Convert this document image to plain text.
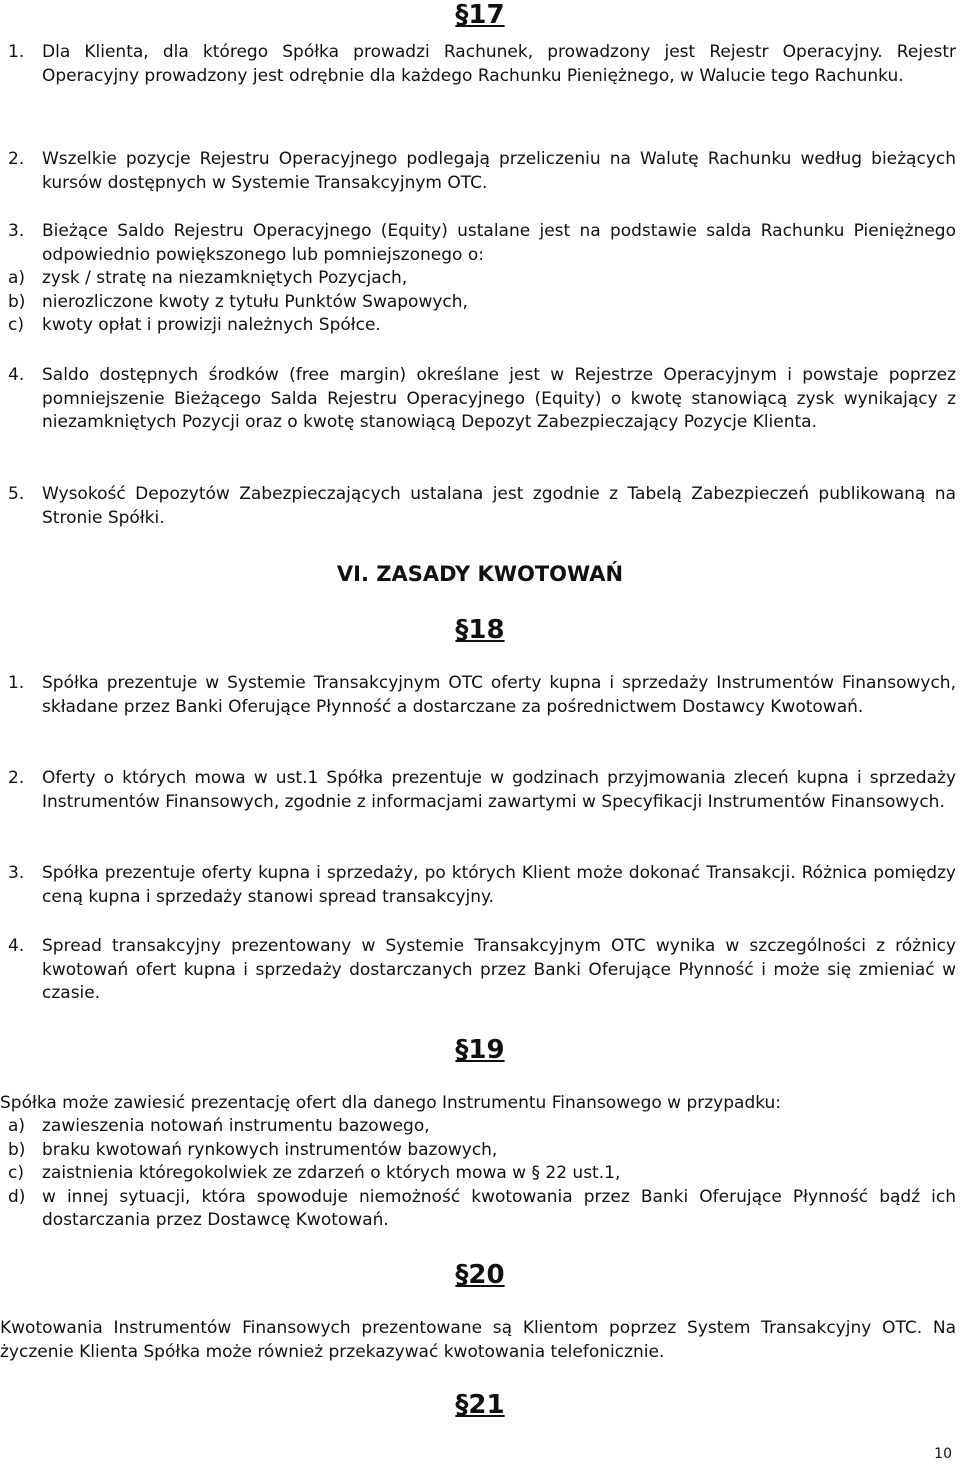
§17
1.	Dla Klienta, dla którego Spółka prowadzi Rachunek, prowadzony jest Rejestr Operacyjny. Rejestr Operacyjny prowadzony jest odrębnie dla każdego Rachunku Pieniężnego, w Walucie tego Rachunku.
2.	Wszelkie pozycje Rejestru Operacyjnego podlegają przeliczeniu na Walutę Rachunku według bieżących kursów dostępnych w Systemie Transakcyjnym OTC.
3.	Bieżące Saldo Rejestru Operacyjnego (Equity) ustalane jest na podstawie salda Rachunku Pieniężnego odpowiednio powiększonego lub pomniejszonego o:
a) zysk / stratę na niezamkniętych Pozycjach,
b) nierozliczone kwoty z tytułu Punktów Swapowych,
c) kwoty opłat i prowizji należnych Spółce.
4.	Saldo dostępnych środków (free margin) określane jest w Rejestrze Operacyjnym i powstaje poprzez pomniejszenie Bieżącego Salda Rejestru Operacyjnego (Equity) o kwotę stanowiącą zysk wynikający z niezamkniętych Pozycji oraz o kwotę stanowiącą Depozyt Zabezpieczający Pozycje Klienta.
5.	Wysokość Depozytów Zabezpieczających ustalana jest zgodnie z Tabelą Zabezpieczeń publikowaną na Stronie Spółki.
VI. ZASADY KWOTOWAŃ
§18
1.	Spółka prezentuje w Systemie Transakcyjnym OTC oferty kupna i sprzedaży Instrumentów Finansowych, składane przez Banki Oferujące Płynność a dostarczane za pośrednictwem Dostawcy Kwotowań.
2.	Oferty o których mowa w ust.1 Spółka prezentuje w godzinach przyjmowania zleceń kupna i sprzedaży Instrumentów Finansowych, zgodnie z informacjami zawartymi w Specyfikacji Instrumentów Finansowych.
3.	Spółka prezentuje oferty kupna i sprzedaży, po których Klient może dokonać Transakcji. Różnica pomiędzy ceną kupna i sprzedaży stanowi spread transakcyjny.
4.	Spread transakcyjny prezentowany w Systemie Transakcyjnym OTC wynika w szczególności z różnicy kwotowań ofert kupna i sprzedaży dostarczanych przez Banki Oferujące Płynność i może się zmieniać w czasie.
§19
Spółka może zawiesić prezentację ofert dla danego Instrumentu Finansowego w przypadku:
a) zawieszenia notowań instrumentu bazowego,
b) braku kwotowań rynkowych instrumentów bazowych,
c) zaistnienia któregokolwiek ze zdarzeń o których mowa w § 22 ust.1,
d) w innej sytuacji, która spowoduje niemożność kwotowania przez Banki Oferujące Płynność bądź ich dostarczania przez Dostawcę Kwotowań.
§20
Kwotowania Instrumentów Finansowych prezentowane są Klientom poprzez System Transakcyjny OTC. Na życzenie Klienta Spółka może również przekazywać kwotowania telefonicznie.
§21
10
